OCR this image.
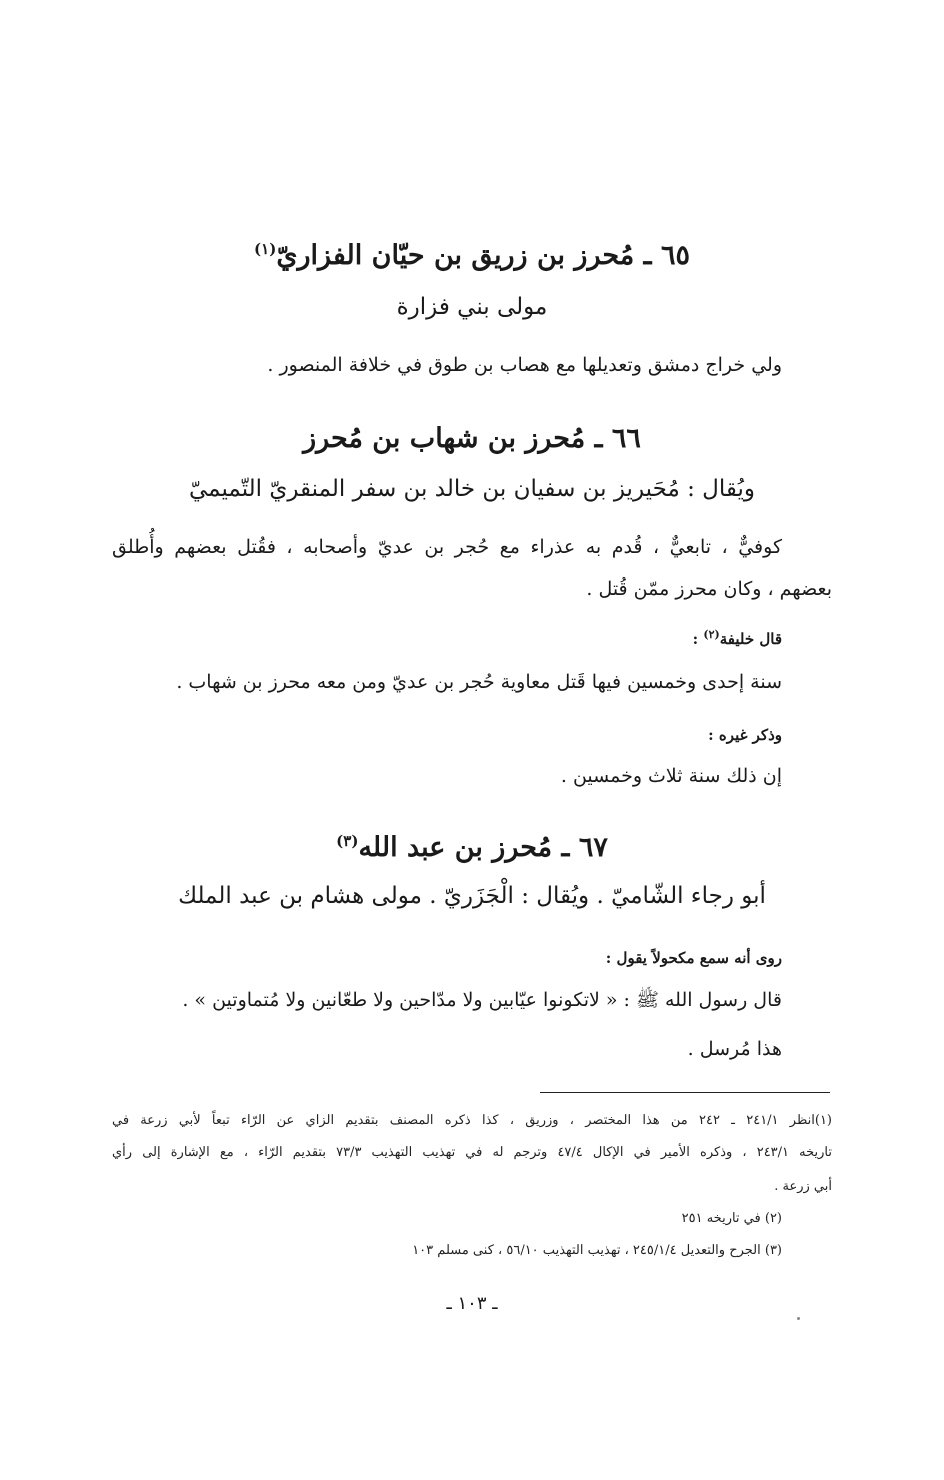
٦٥ ـ مُحرز بن زريق بن حيّان الفزاريّ$^{(١)}$
مولى بني فزارة
ولي خراج دمشق وتعديلها مع هصاب بن طوق في خلافة المنصور .
٦٦ ـ مُحرز بن شهاب بن مُحرز
ويُقال : مُحَيريز بن سفيان بن خالد بن سفر المنقريّ التّميميّ
كوفيٌّ ، تابعيٌّ ، قُدم به عذراء مع حُجر بن عديّ وأصحابه ، فقُتل بعضهم وأُطلق
بعضهم ، وكان محرز ممّن قُتل .
قال خليفة$^{(٢)}$ :
سنة إحدى وخمسين فيها قَتل معاوية حُجر بن عديّ ومن معه محرز بن شهاب .
وذكر غيره :
إن ذلك سنة ثلاث وخمسين .
٦٧ ـ مُحرز بن عبد الله$^{(٣)}$
أبو رجاء الشّاميّ . ويُقال : الْجَزَريّ . مولى هشام بن عبد الملك
روى أنه سمع مكحولاً يقول :
قال رسول الله ﷺ : « لاتكونوا عيّابين ولا مدّاحين ولا طعّانين ولا مُتماوتين » .
هذا مُرسل .
(١)انظر ٢٤١/١ ـ ٢٤٢ من هذا المختصر ، وزريق ، كذا ذكره المصنف بتقديم الزاي عن الرّاء تبعاً لأبي زرعة في
تاريخه ٢٤٣/١ ، وذكره الأمير في الإكال ٤٧/٤ وترجم له في تهذيب التهذيب ٧٣/٣ بتقديم الرّاء ، مع الإشارة إلى رأي
أبي زرعة .
(٢) في تاريخه ٢٥١
(٣) الجرح والتعديل ٢٤٥/١/٤ ، تهذيب التهذيب ٥٦/١٠ ، كنى مسلم ١٠٣
ـ ١٠٣ ـ
